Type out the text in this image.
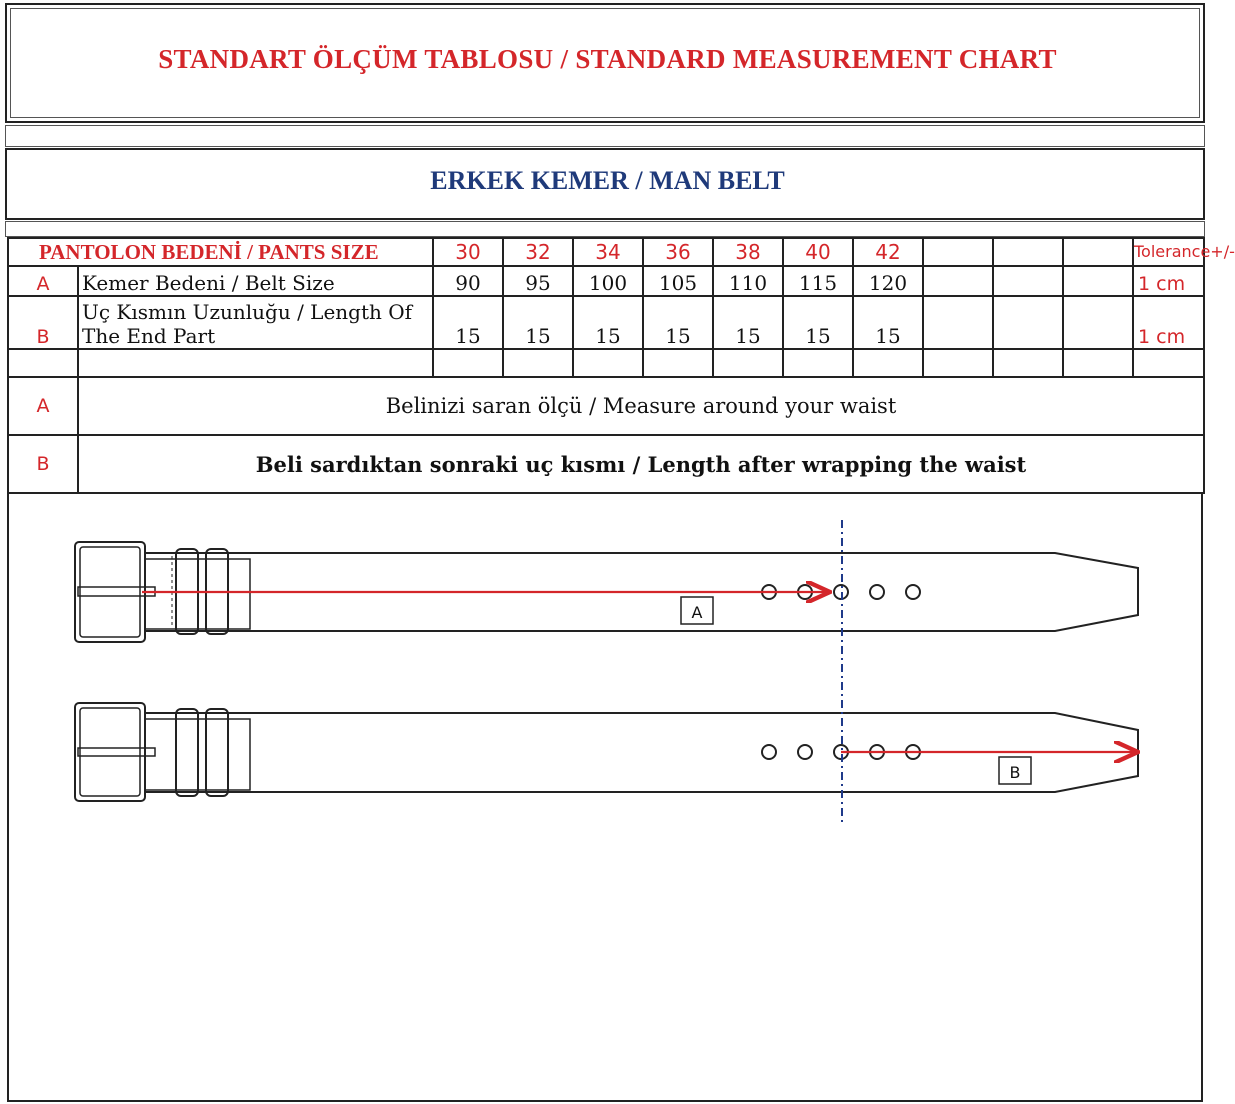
STANDART ÖLÇÜM TABLOSU / STANDARD MEASUREMENT CHART
ERKEK KEMER / MAN BELT
PANTOLON BEDENİ / PANTS SIZE		30	32	34	36	38	40	42				Tolerance+/-
A	Kemer Bedeni / Belt Size	90	95	100	105	110	115	120				1 cm
B	Uç Kısmın Uzunluğu / Length Of The End Part	15	15	15	15	15	15	15				1 cm

A	Belinizi saran ölçü / Measure around your waist											
B	Beli sardıktan sonraki uç kısmı / Length after wrapping the waist											
A
B
